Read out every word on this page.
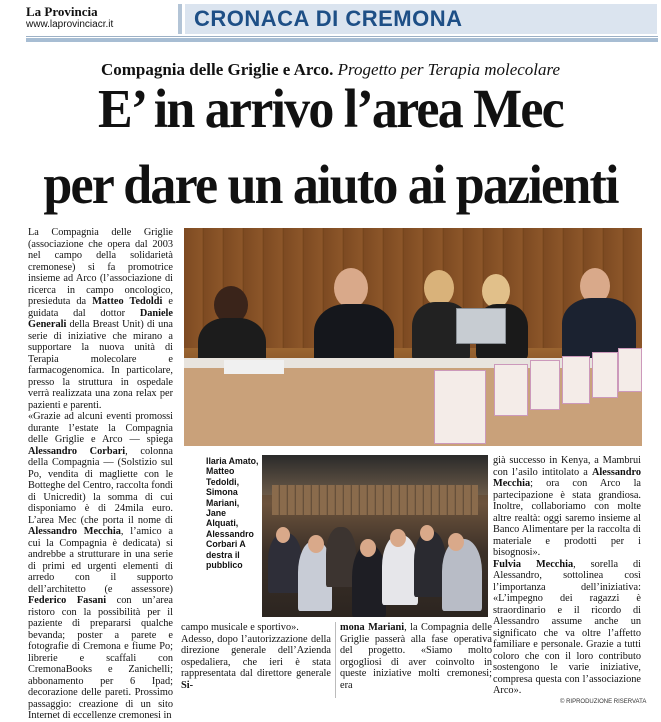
La Provincia
www.laprovinciacr.it	CRONACA DI CREMONA
Compagnia delle Griglie e Arco. Progetto per Terapia molecolare
E’ in arrivo l’area Mec
per dare un aiuto ai pazienti

La Compagnia delle Griglie (associazione che opera dal 2003 nel campo della solidarietà cremonese) si fa promotrice insieme ad Arco (l’associazione di ricerca in campo oncologico, presieduta da Matteo Tedoldi e guidata dal dottor Daniele Generali della Breast Unit) di una serie di iniziative che mirano a supportare la nuova unità di Terapia molecolare e farmacogenomica. In particolare, presso la struttura in ospedale verrà realizzata una zona relax per pazienti e parenti.

«Grazie ad alcuni eventi promossi durante l’estate la Compagnia delle Griglie e Arco — spiega Alessandro Corbari, colonna della Compagnia — (Solstizio sul Po, vendita di magliette con le Botteghe del Centro, raccolta fondi di Unicredit) la somma di cui disponiamo è di 24mila euro. L’area Mec (che porta il nome di Alessandro Mecchia, l’amico a cui la Compagnia è dedicata) si andrebbe a strutturare in una serie di primi ed urgenti elementi di arredo con il supporto dell’architetto (e assessore) Federico Fasani con un’area ristoro con la possibilità per il paziente di prepararsi qualche bevanda; poster a parete e fotografie di Cremona e fiume Po; librerie e scaffali con CremonaBooks e Zanichelli; abbonamento per 6 Ipad; decorazione delle pareti. Prossimo passaggio: creazione di un sito Internet di eccellenze cremonesi in

Ilaria Amato, Matteo Tedoldi, Simona Mariani, Jane Alquati, Alessandro Corbari A destra il pubblico

campo musicale e sportivo».

Adesso, dopo l’autorizzazione della direzione generale dell’Azienda ospedaliera, che ieri è stata rappresentata dal direttore generale Si-

mona Mariani, la Compagnia delle Griglie passerà alla fase operativa del progetto. «Siamo molto orgogliosi di aver coinvolto in queste iniziative molti cremonesi; era

già successo in Kenya, a Mambrui con l’asilo intitolato a Alessandro Mecchia; ora con Arco la partecipazione è stata grandiosa. Inoltre, collaboriamo con molte altre realtà: oggi saremo insieme al Banco Alimentare per la raccolta di materiale e prodotti per i bisognosi».

Fulvia Mecchia, sorella di Alessandro, sottolinea così l’importanza dell’iniziativa: «L’impegno dei ragazzi è straordinario e il ricordo di Alessandro assume anche un significato che va oltre l’affetto familiare e personale. Grazie a tutti coloro che con il loro contributo sostengono le varie iniziative, compresa questa con l’associazione Arco».

© RIPRODUZIONE RISERVATA
